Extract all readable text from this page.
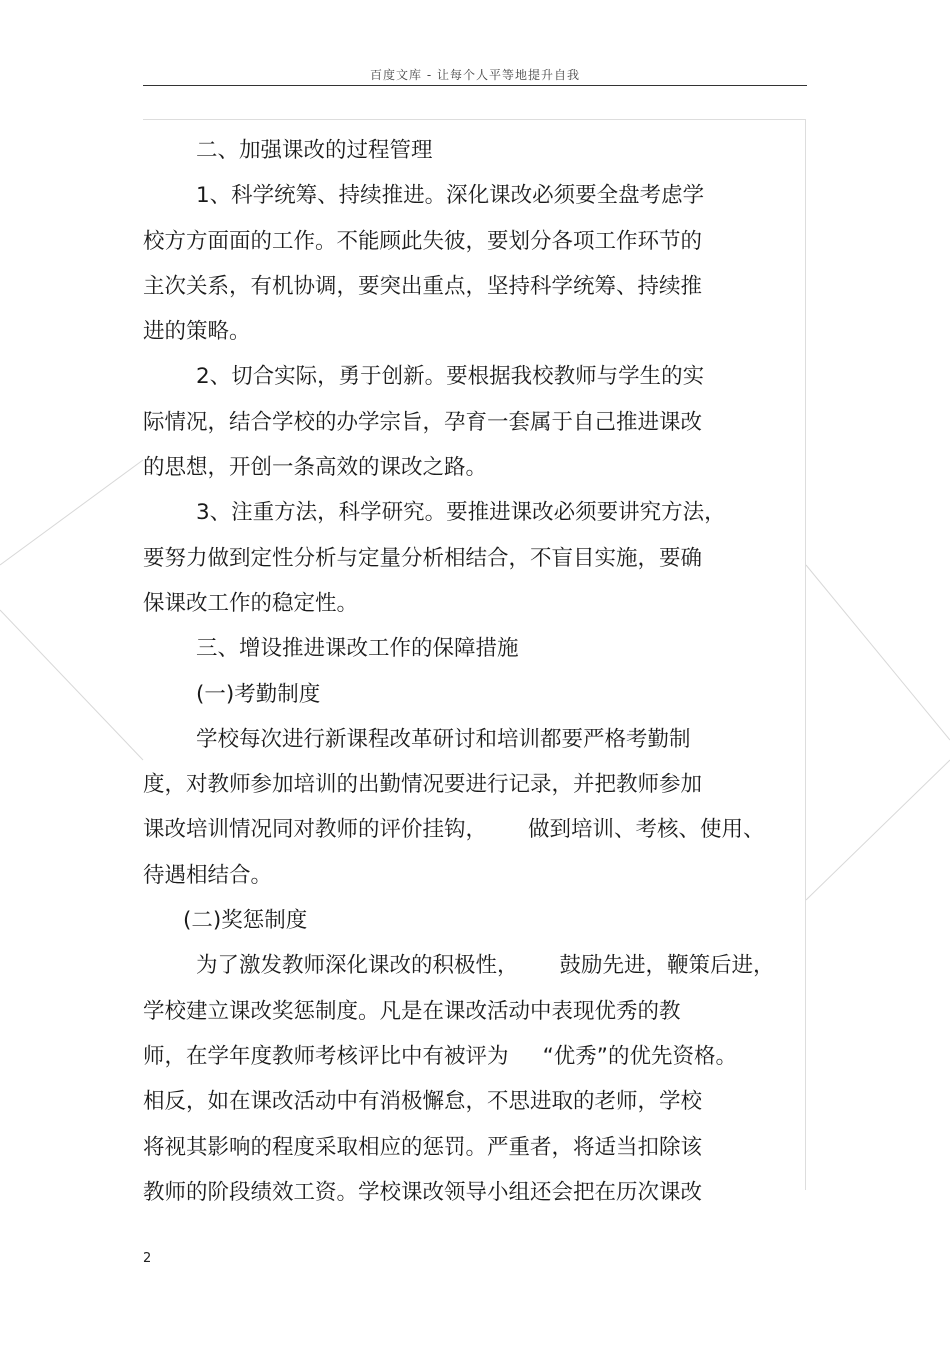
百度文库 - 让每个人平等地提升自我
二、加强课改的过程管理
1、科学统筹、持续推进。深化课改必须要全盘考虑学
校方方面面的工作。不能顾此失彼，要划分各项工作环节的
主次关系，有机协调，要突出重点，坚持科学统筹、持续推
进的策略。
2、切合实际，勇于创新。要根据我校教师与学生的实
际情况，结合学校的办学宗旨，孕育一套属于自己推进课改
的思想，开创一条高效的课改之路。
3、注重方法，科学研究。要推进课改必须要讲究方法，
要努力做到定性分析与定量分析相结合，不盲目实施，要确
保课改工作的稳定性。
三、增设推进课改工作的保障措施
(一)考勤制度
学校每次进行新课程改革研讨和培训都要严格考勤制
度，对教师参加培训的出勤情况要进行记录，并把教师参加
课改培训情况同对教师的评价挂钩，      做到培训、考核、使用、
待遇相结合。
(二)奖惩制度
为了激发教师深化课改的积极性，      鼓励先进，鞭策后进，
学校建立课改奖惩制度。凡是在课改活动中表现优秀的教
师，在学年度教师考核评比中有被评为     “优秀”的优先资格。
相反，如在课改活动中有消极懈怠，不思进取的老师，学校
将视其影响的程度采取相应的惩罚。严重者，将适当扣除该
教师的阶段绩效工资。学校课改领导小组还会把在历次课改
2
